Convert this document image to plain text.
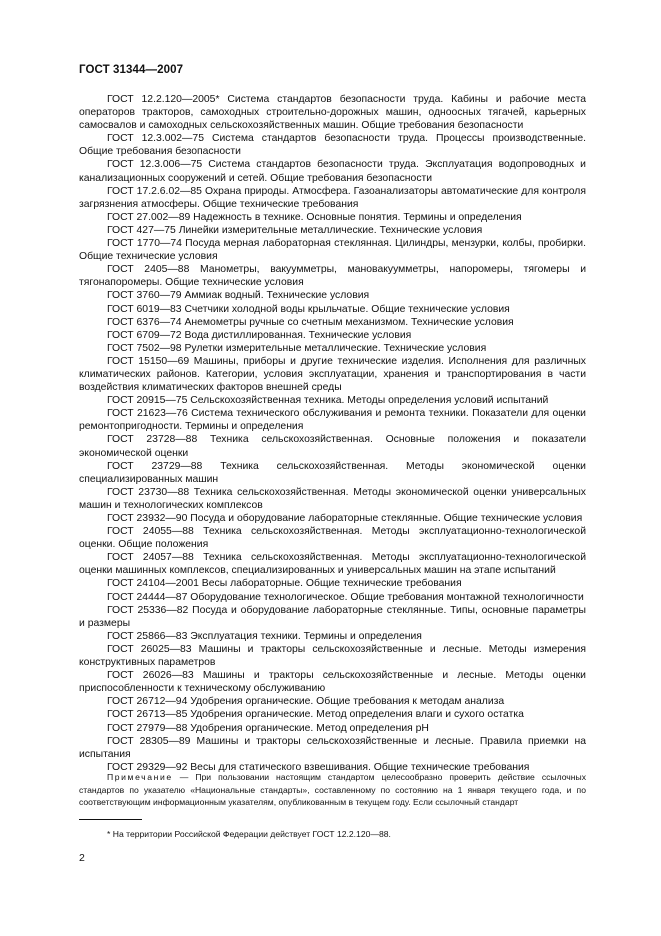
ГОСТ 31344—2007

ГОСТ 12.2.120—2005* Система стандартов безопасности труда. Кабины и рабочие места операторов тракторов, самоходных строительно-дорожных машин, одноосных тягачей, карьерных самосвалов и самоходных сельскохозяйственных машин. Общие требования безопасности

ГОСТ 12.3.002—75 Система стандартов безопасности труда. Процессы производственные. Общие требования безопасности

ГОСТ 12.3.006—75 Система стандартов безопасности труда. Эксплуатация водопроводных и канализационных сооружений и сетей. Общие требования безопасности

ГОСТ 17.2.6.02—85 Охрана природы. Атмосфера. Газоанализаторы автоматические для контроля загрязнения атмосферы. Общие технические требования

ГОСТ 27.002—89 Надежность в технике. Основные понятия. Термины и определения

ГОСТ 427—75 Линейки измерительные металлические. Технические условия

ГОСТ 1770—74 Посуда мерная лабораторная стеклянная. Цилиндры, мензурки, колбы, пробирки. Общие технические условия

ГОСТ 2405—88 Манометры, вакуумметры, мановакуумметры, напоромеры, тягомеры и тягонапоромеры. Общие технические условия

ГОСТ 3760—79 Аммиак водный. Технические условия

ГОСТ 6019—83 Счетчики холодной воды крыльчатые. Общие технические условия

ГОСТ 6376—74 Анемометры ручные со счетным механизмом. Технические условия

ГОСТ 6709—72 Вода дистиллированная. Технические условия

ГОСТ 7502—98 Рулетки измерительные металлические. Технические условия

ГОСТ 15150—69 Машины, приборы и другие технические изделия. Исполнения для различных климатических районов. Категории, условия эксплуатации, хранения и транспортирования в части воздействия климатических факторов внешней среды

ГОСТ 20915—75 Сельскохозяйственная техника. Методы определения условий испытаний

ГОСТ 21623—76 Система технического обслуживания и ремонта техники. Показатели для оценки ремонтопригодности. Термины и определения

ГОСТ 23728—88 Техника сельскохозяйственная. Основные положения и показатели экономической оценки

ГОСТ 23729—88 Техника сельскохозяйственная. Методы экономической оценки специализированных машин

ГОСТ 23730—88 Техника сельскохозяйственная. Методы экономической оценки универсальных машин и технологических комплексов

ГОСТ 23932—90 Посуда и оборудование лабораторные стеклянные. Общие технические условия

ГОСТ 24055—88 Техника сельскохозяйственная. Методы эксплуатационно-технологической оценки. Общие положения

ГОСТ 24057—88 Техника сельскохозяйственная. Методы эксплуатационно-технологической оценки машинных комплексов, специализированных и универсальных машин на этапе испытаний

ГОСТ 24104—2001 Весы лабораторные. Общие технические требования

ГОСТ 24444—87 Оборудование технологическое. Общие требования монтажной технологичности

ГОСТ 25336—82 Посуда и оборудование лабораторные стеклянные. Типы, основные параметры и размеры

ГОСТ 25866—83 Эксплуатация техники. Термины и определения

ГОСТ 26025—83 Машины и тракторы сельскохозяйственные и лесные. Методы измерения конструктивных параметров

ГОСТ 26026—83 Машины и тракторы сельскохозяйственные и лесные. Методы оценки приспособленности к техническому обслуживанию

ГОСТ 26712—94 Удобрения органические. Общие требования к методам анализа

ГОСТ 26713—85 Удобрения органические. Метод определения влаги и сухого остатка

ГОСТ 27979—88 Удобрения органические. Метод определения pH

ГОСТ 28305—89 Машины и тракторы сельскохозяйственные и лесные. Правила приемки на испытания

ГОСТ 29329—92 Весы для статического взвешивания. Общие технические требования

Примечание — При пользовании настоящим стандартом целесообразно проверить действие ссылочных стандартов по указателю «Национальные стандарты», составленному по состоянию на 1 января текущего года, и по соответствующим информационным указателям, опубликованным в текущем году. Если ссылочный стандарт

* На территории Российской Федерации действует ГОСТ 12.2.120—88.
2
